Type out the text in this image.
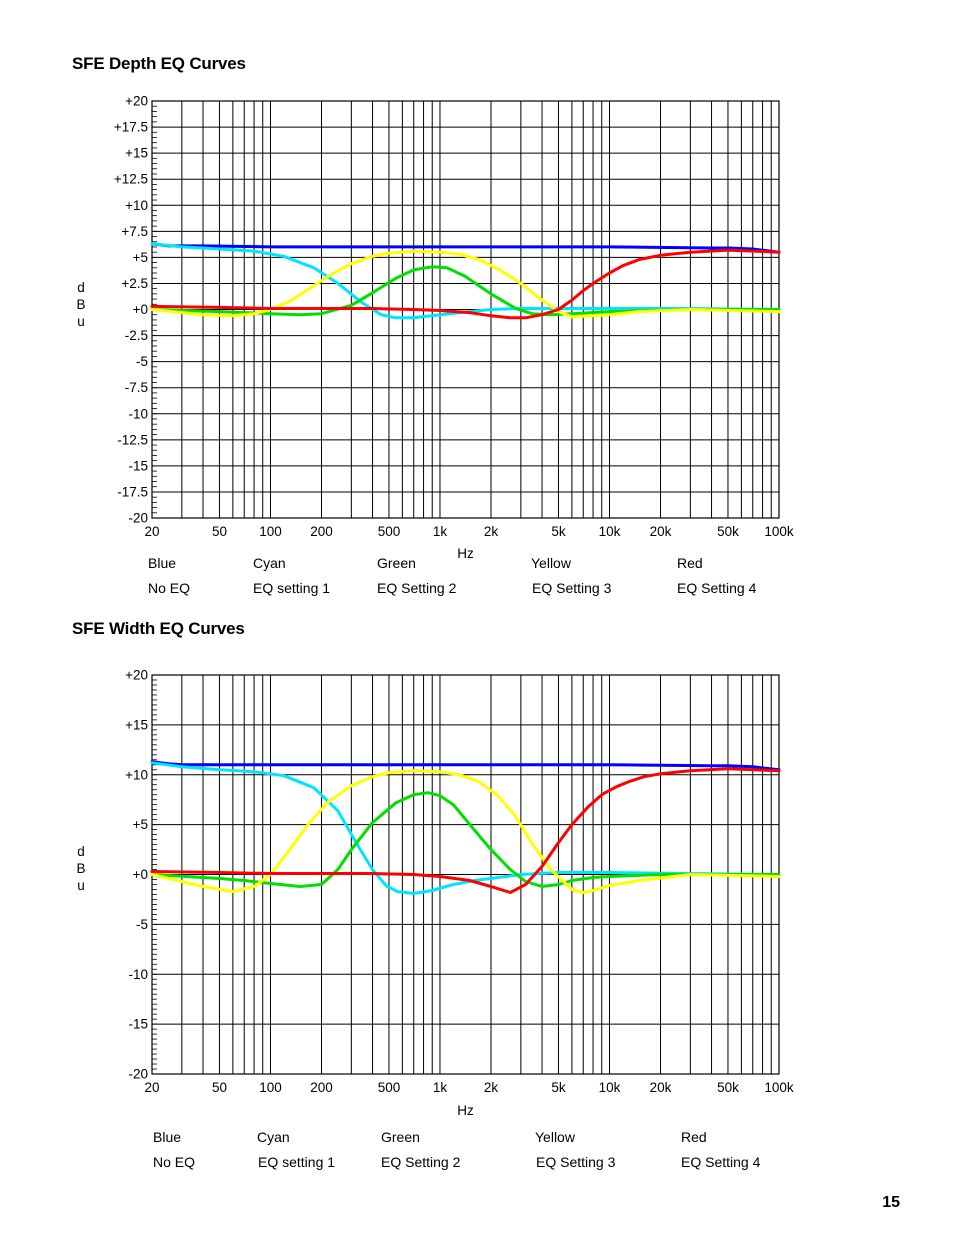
SFE Depth EQ Curves
+20
+17.5
+15
+12.5
+10
+7.5
+5
+2.5
+0
-2.5
-5
-7.5
-10
-12.5
-15
-17.5
-20
20	50 100 200	500 1k	2k	5k 10k 20k	50k 100k
Hz
d B u
Blue	Cyan	Green	Yellow	Red
No EQ	EQ setting 1	EQ Setting 2	EQ Setting 3	EQ Setting 4
SFE Width EQ Curves
+20
+15
+10
+5
+0
-5
-10
-15
-20
20	50 100 200	500 1k	2k	5k 10k 20k	50k 100k
Hz
d B u
Blue	Cyan	Green	Yellow	Red
No EQ	EQ setting 1	EQ Setting 2	EQ Setting 3	EQ Setting 4
15
